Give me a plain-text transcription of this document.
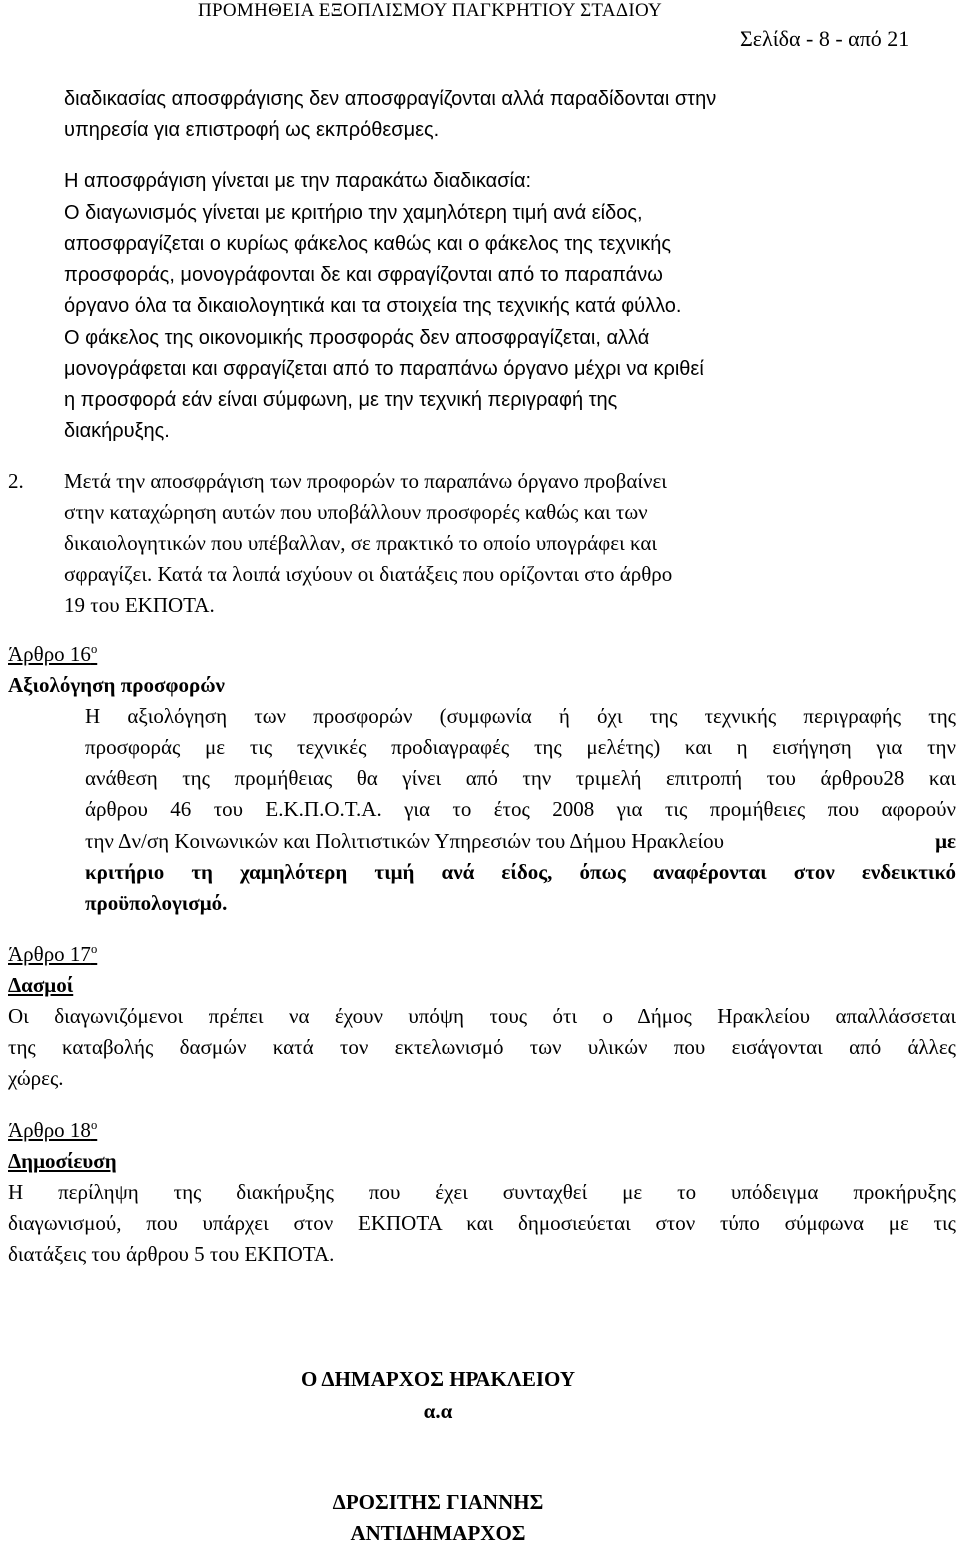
ΠΡΟΜΗΘΕΙΑ ΕΞΟΠΛΙΣΜΟΥ ΠΑΓΚΡΗΤΙΟΥ ΣΤΑΔΙΟΥ
Σελίδα - 8 - από 21
διαδικασίας αποσφράγισης δεν αποσφραγίζονται αλλά παραδίδονται στην
υπηρεσία για επιστροφή ως εκπρόθεσμες.
Η αποσφράγιση γίνεται με την παρακάτω διαδικασία:
Ο διαγωνισμός γίνεται με κριτήριο την χαμηλότερη τιμή ανά είδος,
αποσφραγίζεται ο κυρίως φάκελος καθώς και ο φάκελος της τεχνικής
προσφοράς, μονογράφονται δε και σφραγίζονται από το παραπάνω
όργανο όλα τα δικαιολογητικά και τα στοιχεία της τεχνικής κατά φύλλο.
Ο φάκελος της οικονομικής προσφοράς δεν αποσφραγίζεται, αλλά
μονογράφεται και σφραγίζεται από το παραπάνω όργανο μέχρι να κριθεί
η προσφορά εάν είναι σύμφωνη, με την τεχνική περιγραφή της
διακήρυξης.
2. Μετά την αποσφράγιση των προφορών το παραπάνω όργανο προβαίνει
στην καταχώρηση αυτών που υποβάλλουν προσφορές καθώς και των
δικαιολογητικών που υπέβαλλαν, σε πρακτικό το οποίο υπογράφει και
σφραγίζει. Κατά τα λοιπά ισχύουν οι διατάξεις που ορίζονται στο άρθρο
19 του ΕΚΠΟΤΑ.
Άρθρο $16^o$
Αξιολόγηση προσφορών
Η αξιολόγηση των προσφορών (συμφωνία ή όχι της τεχνικής περιγραφής της
προσφοράς με τις τεχνικές προδιαγραφές της μελέτης) και η εισήγηση για την
ανάθεση της προμήθειας θα γίνει από την τριμελή επιτροπή του άρθρου28 και
άρθρου 46 του Ε.Κ.Π.Ο.Τ.Α. για το έτος 2008 για τις προμήθειες που αφορούν
την Δν/ση Κοινωνικών και Πολιτιστικών Υπηρεσιών του Δήμου Ηρακλείου	με
κριτήριο τη χαμηλότερη τιμή ανά είδος, όπως αναφέρονται στον ενδεικτικό
προϋπολογισμό.
Άρθρο $17^o$
Δασμοί
Οι διαγωνιζόμενοι πρέπει να έχουν υπόψη τους ότι ο Δήμος Ηρακλείου απαλλάσσεται
της καταβολής δασμών κατά τον εκτελωνισμό των υλικών που εισάγονται από άλλες
χώρες.
Άρθρο $18^o$
Δημοσίευση
Η περίληψη της διακήρυξης που έχει συνταχθεί με το υπόδειγμα προκήρυξης
διαγωνισμού, που υπάρχει στον ΕΚΠΟΤΑ και δημοσιεύεται στον τύπο σύμφωνα με τις
διατάξεις του άρθρου 5 του ΕΚΠΟΤΑ.
Ο ΔΗΜΑΡΧΟΣ ΗΡΑΚΛΕΙΟΥ
α.α
ΔΡΟΣΙΤΗΣ ΓΙΑΝΝΗΣ
ΑΝΤΙΔΗΜΑΡΧΟΣ
